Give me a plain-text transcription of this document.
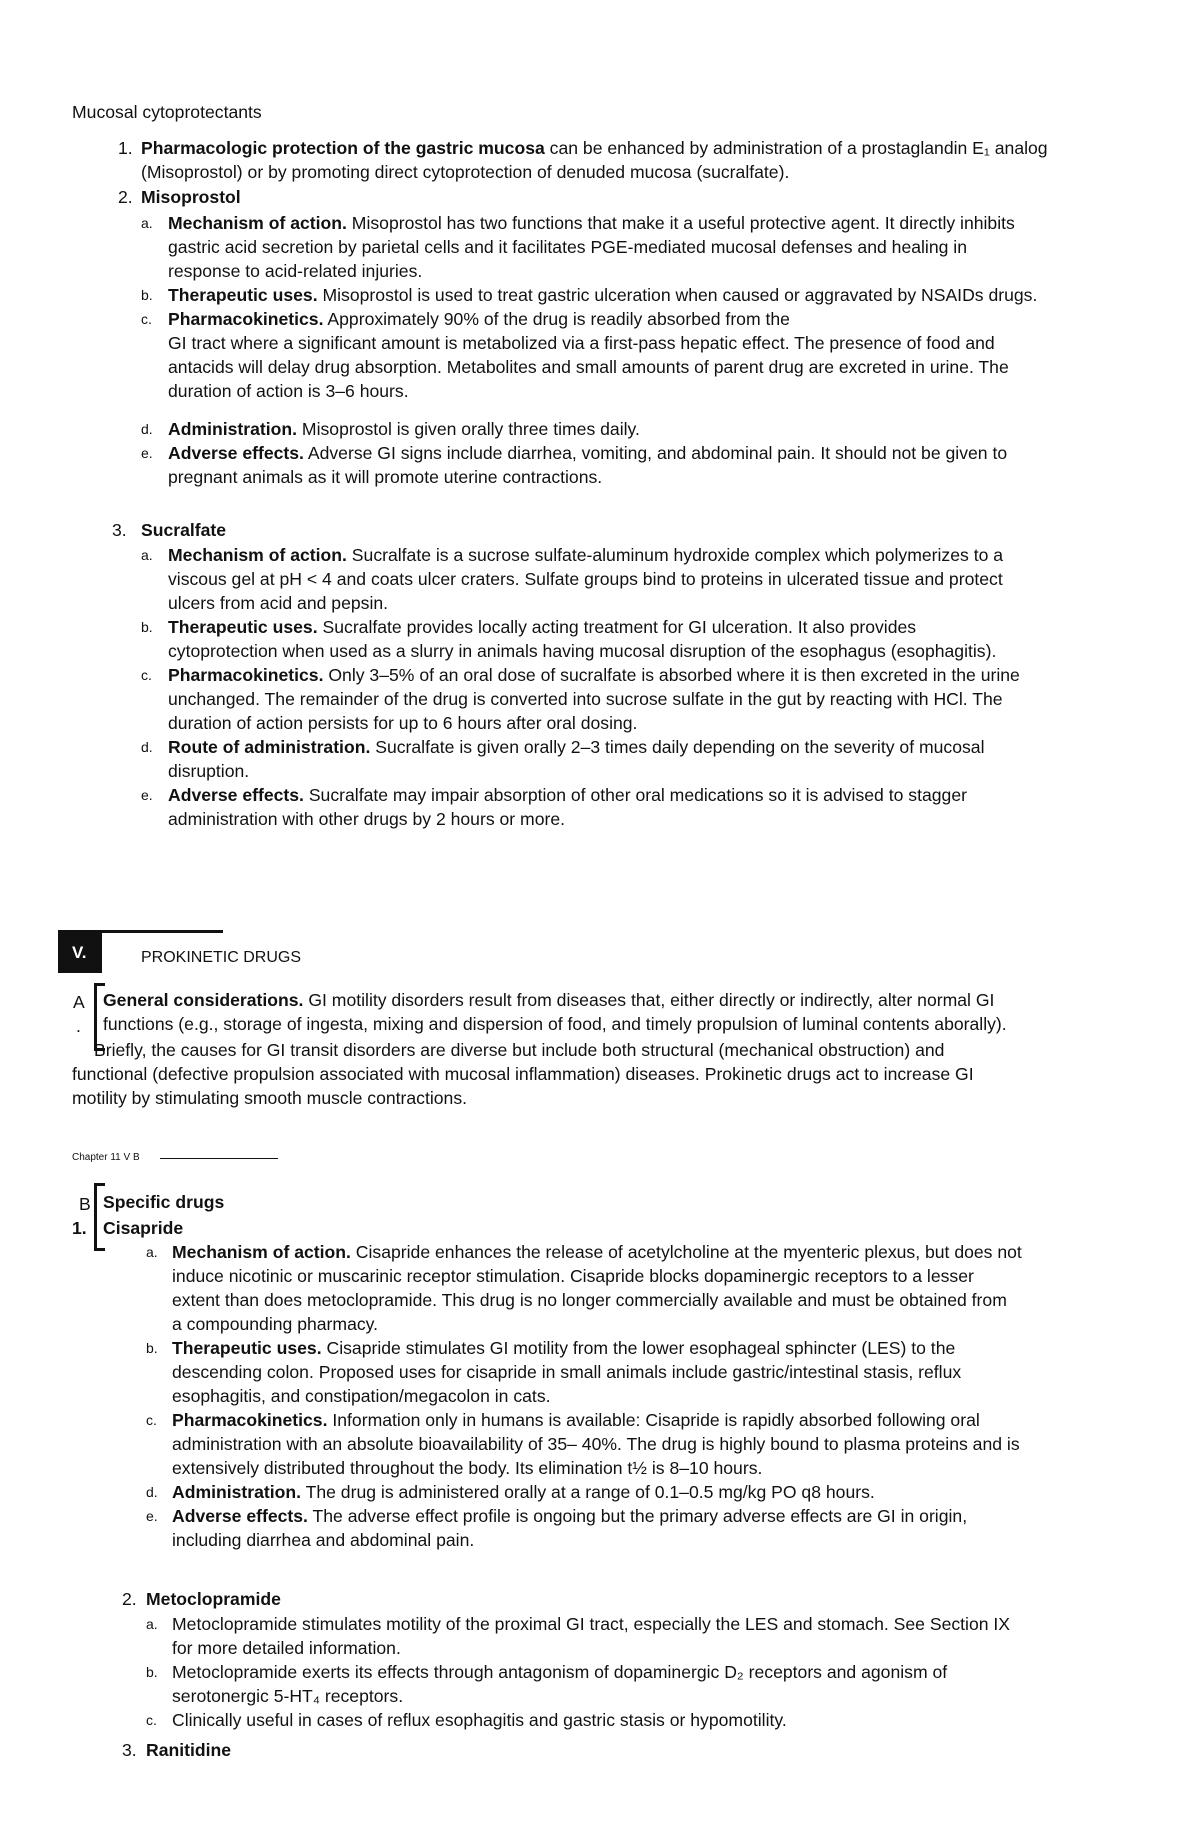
Mucosal cytoprotectants
1. Pharmacologic protection of the gastric mucosa can be enhanced by administration of a prostaglandin E₁ analog
(Misoprostol) or by promoting direct cytoprotection of denuded mucosa (sucralfate).
2. Misoprostol
a. Mechanism of action. Misoprostol has two functions that make it a useful protective agent. It directly inhibits
gastric acid secretion by parietal cells and it facilitates PGE-mediated mucosal defenses and healing in
response to acid-related injuries.
b. Therapeutic uses. Misoprostol is used to treat gastric ulceration when caused or aggravated by NSAIDs drugs.
c. Pharmacokinetics. Approximately 90% of the drug is readily absorbed from the
GI tract where a significant amount is metabolized via a first-pass hepatic effect. The presence of food and
antacids will delay drug absorption. Metabolites and small amounts of parent drug are excreted in urine. The
duration of action is 3–6 hours.
d. Administration. Misoprostol is given orally three times daily.
e. Adverse effects. Adverse GI signs include diarrhea, vomiting, and abdominal pain. It should not be given to
pregnant animals as it will promote uterine contractions.
3. Sucralfate
a. Mechanism of action. Sucralfate is a sucrose sulfate-aluminum hydroxide complex which polymerizes to a
viscous gel at pH < 4 and coats ulcer craters. Sulfate groups bind to proteins in ulcerated tissue and protect
ulcers from acid and pepsin.
b. Therapeutic uses. Sucralfate provides locally acting treatment for GI ulceration. It also provides
cytoprotection when used as a slurry in animals having mucosal disruption of the esophagus (esophagitis).
c. Pharmacokinetics. Only 3–5% of an oral dose of sucralfate is absorbed where it is then excreted in the urine
unchanged. The remainder of the drug is converted into sucrose sulfate in the gut by reacting with HCl. The
duration of action persists for up to 6 hours after oral dosing.
d. Route of administration. Sucralfate is given orally 2–3 times daily depending on the severity of mucosal
disruption.
e. Adverse effects. Sucralfate may impair absorption of other oral medications so it is advised to stagger
administration with other drugs by 2 hours or more.
V.	PROKINETIC DRUGS
A
.
General considerations. GI motility disorders result from diseases that, either directly or indirectly, alter normal GI
functions (e.g., storage of ingesta, mixing and dispersion of food, and timely propulsion of luminal contents aborally).
Briefly, the causes for GI transit disorders are diverse but include both structural (mechanical obstruction) and
functional (defective propulsion associated with mucosal inflammation) diseases. Prokinetic drugs act to increase GI
motility by stimulating smooth muscle contractions.
Chapter 11 V B
B Specific drugs
1. Cisapride
a. Mechanism of action. Cisapride enhances the release of acetylcholine at the myenteric plexus, but does not
induce nicotinic or muscarinic receptor stimulation. Cisapride blocks dopaminergic receptors to a lesser
extent than does metoclopramide. This drug is no longer commercially available and must be obtained from
a compounding pharmacy.
b. Therapeutic uses. Cisapride stimulates GI motility from the lower esophageal sphincter (LES) to the
descending colon. Proposed uses for cisapride in small animals include gastric/intestinal stasis, reflux
esophagitis, and constipation/megacolon in cats.
c. Pharmacokinetics. Information only in humans is available: Cisapride is rapidly absorbed following oral
administration with an absolute bioavailability of 35– 40%. The drug is highly bound to plasma proteins and is
extensively distributed throughout the body. Its elimination t½ is 8–10 hours.
d. Administration. The drug is administered orally at a range of 0.1–0.5 mg/kg PO q8 hours.
e. Adverse effects. The adverse effect profile is ongoing but the primary adverse effects are GI in origin,
including diarrhea and abdominal pain.
2. Metoclopramide
a. Metoclopramide stimulates motility of the proximal GI tract, especially the LES and stomach. See Section IX
for more detailed information.
b. Metoclopramide exerts its effects through antagonism of dopaminergic D₂ receptors and agonism of
serotonergic 5-HT₄ receptors.
c. Clinically useful in cases of reflux esophagitis and gastric stasis or hypomotility.
3. Ranitidine
